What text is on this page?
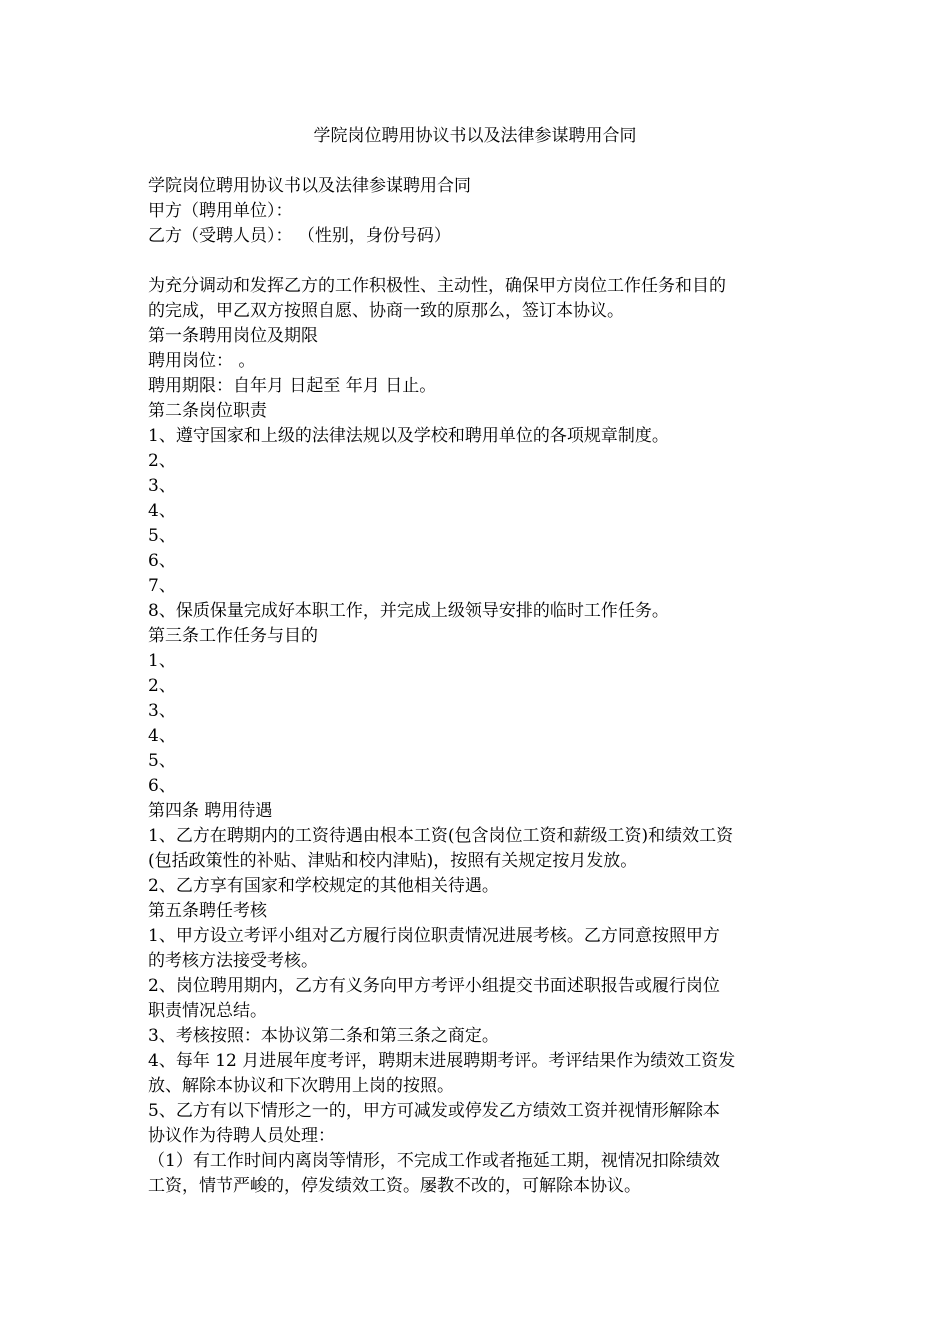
学院岗位聘用协议书以及法律参谋聘用合同
学院岗位聘用协议书以及法律参谋聘用合同
甲方（聘用单位）：
乙方（受聘人员）： （性别，身份号码）
为充分调动和发挥乙方的工作积极性、主动性，确保甲方岗位工作任务和目的
的完成，甲乙双方按照自愿、协商一致的原那么，签订本协议。
第一条聘用岗位及期限
聘用岗位： 。
聘用期限：自年月 日起至 年月 日止。
第二条岗位职责
1、遵守国家和上级的法律法规以及学校和聘用单位的各项规章制度。
2、
3、
4、
5、
6、
7、
8、保质保量完成好本职工作，并完成上级领导安排的临时工作任务。
第三条工作任务与目的
1、
2、
3、
4、
5、
6、
第四条 聘用待遇
1、乙方在聘期内的工资待遇由根本工资(包含岗位工资和薪级工资)和绩效工资
(包括政策性的补贴、津贴和校内津贴)，按照有关规定按月发放。
2、乙方享有国家和学校规定的其他相关待遇。
第五条聘任考核
1、甲方设立考评小组对乙方履行岗位职责情况进展考核。乙方同意按照甲方
的考核方法接受考核。
2、岗位聘用期内，乙方有义务向甲方考评小组提交书面述职报告或履行岗位
职责情况总结。
3、考核按照：本协议第二条和第三条之商定。
4、每年 12 月进展年度考评，聘期末进展聘期考评。考评结果作为绩效工资发
放、解除本协议和下次聘用上岗的按照。
5、乙方有以下情形之一的，甲方可减发或停发乙方绩效工资并视情形解除本
协议作为待聘人员处理：
（1）有工作时间内离岗等情形，不完成工作或者拖延工期，视情况扣除绩效
工资，情节严峻的，停发绩效工资。屡教不改的，可解除本协议。
